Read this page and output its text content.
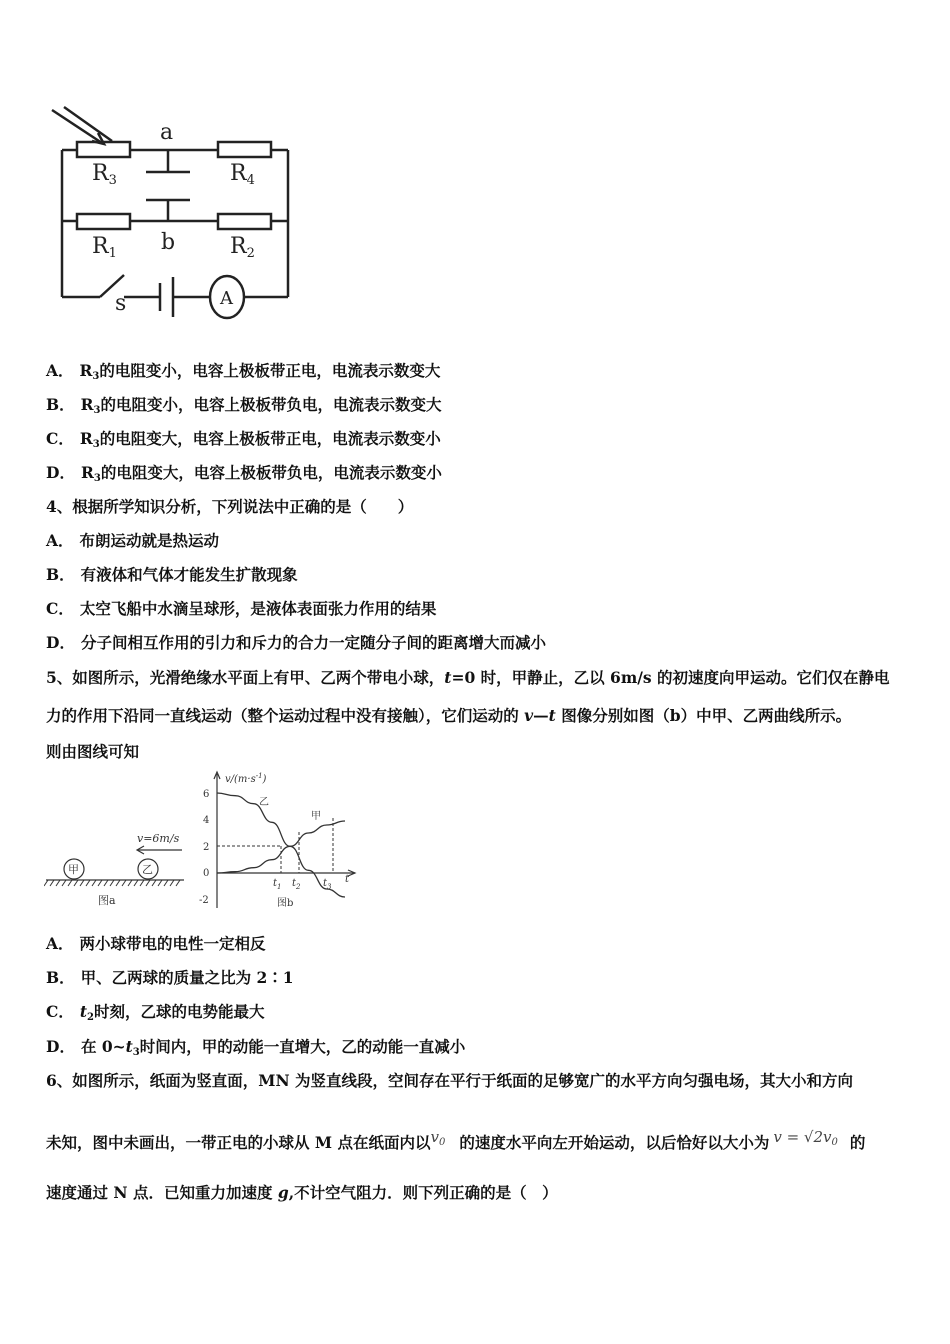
a
b
R3	R4
R1	R2
s	A
A． $R_3$的电阻变小，电容上极板带正电，电流表示数变大
B． $R_3$的电阻变小，电容上极板带负电，电流表示数变大
C． $R_3$的电阻变大，电容上极板带正电，电流表示数变小
D． $R_3$的电阻变大，电容上极板带负电，电流表示数变小
4、根据所学知识分析，下列说法中正确的是（　　）
A． 布朗运动就是热运动
B． 有液体和气体才能发生扩散现象
C． 太空飞船中水滴呈球形，是液体表面张力作用的结果
D． 分子间相互作用的引力和斥力的合力一定随分子间的距离增大而减小
5、如图所示，光滑绝缘水平面上有甲、乙两个带电小球，t=0 时，甲静止，乙以 6m/s 的初速度向甲运动。它们仅在静电
力的作用下沿同一直线运动（整个运动过程中没有接触），它们运动的 v—t 图像分别如图（b）中甲、乙两曲线所示。
则由图线可知
甲	乙
v=6m/s
图a
$v/(m\cdot s^{-1})$
6
4
2
0
-2
$t_1$ $t_2$ $t_3$
t
乙
甲
图b
A． 两小球带电的电性一定相反
B． 甲、乙两球的质量之比为 2∶1
C． $t_2$时刻，乙球的电势能最大
D． 在 $0\sim t_3$时间内，甲的动能一直增大，乙的动能一直减小
6、如图所示，纸面为竖直面，MN 为竖直线段，空间存在平行于纸面的足够宽广的水平方向匀强电场，其大小和方向
未知，图中未画出，一带正电的小球从 M 点在纸面内以$v_0$ 的速度水平向左开始运动，以后恰好以大小为 $v = √2v_0$ 的
速度通过 N 点．已知重力加速度 g,不计空气阻力．则下列正确的是（　）
